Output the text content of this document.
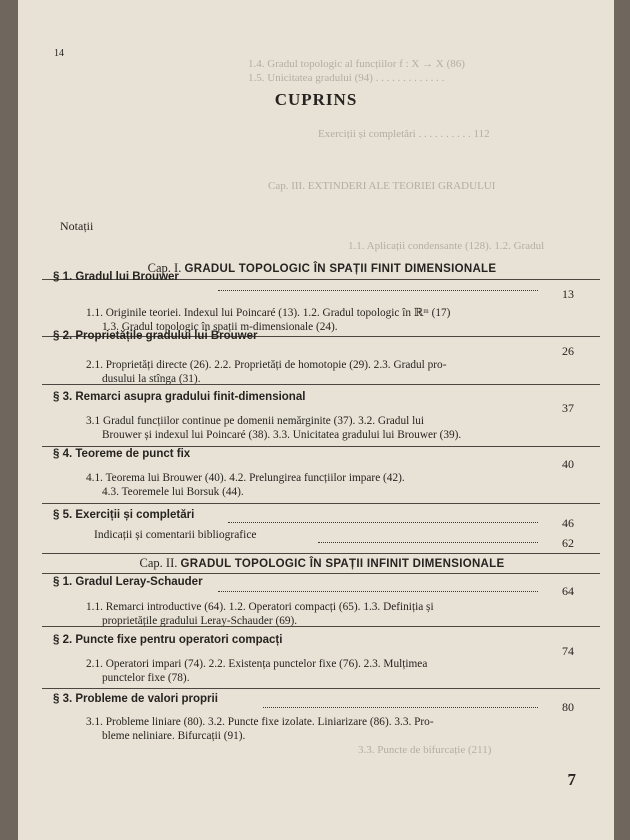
1.4. Gradul topologic al funcțiilor f : X → X (86)
1.5. Unicitatea gradului (94) . . . . . . . . . . . . .
Exerciții și completări . . . . . . . . . . 112
Cap. III. EXTINDERI ALE TEORIEI GRADULUI
1.1. Aplicații condensante (128). 1.2. Gradul
14
CUPRINS
Notații
Cap. I. GRADUL TOPOLOGIC ÎN SPAȚII FINIT DIMENSIONALE
§ 1. Gradul lui Brouwer
13
1.1. Originile teoriei. Indexul lui Poincaré (13). 1.2. Gradul topologic în ℝᵐ (17)
1.3. Gradul topologic în spații m-dimensionale (24).
§ 2. Proprietățile gradului lui Brouwer
26
2.1. Proprietăți directe (26). 2.2. Proprietăți de homotopie (29). 2.3. Gradul pro-
dusului la stînga (31).
§ 3. Remarci asupra gradului finit-dimensional
37
3.1 Gradul funcțiilor continue pe domenii nemărginite (37). 3.2. Gradul lui
Brouwer și indexul lui Poincaré (38). 3.3. Unicitatea gradului lui Brouwer (39).
§ 4. Teoreme de punct fix
40
4.1. Teorema lui Brouwer (40). 4.2. Prelungirea funcțiilor impare (42).
4.3. Teoremele lui Borsuk (44).
§ 5. Exerciții și completări
46
Indicații și comentarii bibliografice
62
Cap. II. GRADUL TOPOLOGIC ÎN SPAȚII INFINIT DIMENSIONALE
§ 1. Gradul Leray-Schauder
64
1.1. Remarci introductive (64). 1.2. Operatori compacți (65). 1.3. Definiția și
proprietățile gradului Leray-Schauder (69).
§ 2. Puncte fixe pentru operatori compacți
74
2.1. Operatori impari (74). 2.2. Existența punctelor fixe (76). 2.3. Mulțimea
punctelor fixe (78).
§ 3. Probleme de valori proprii
80
3.1. Probleme liniare (80). 3.2. Puncte fixe izolate. Liniarizare (86). 3.3. Pro-
bleme neliniare. Bifurcații (91).
3.3. Puncte de bifurcație (211)
7
